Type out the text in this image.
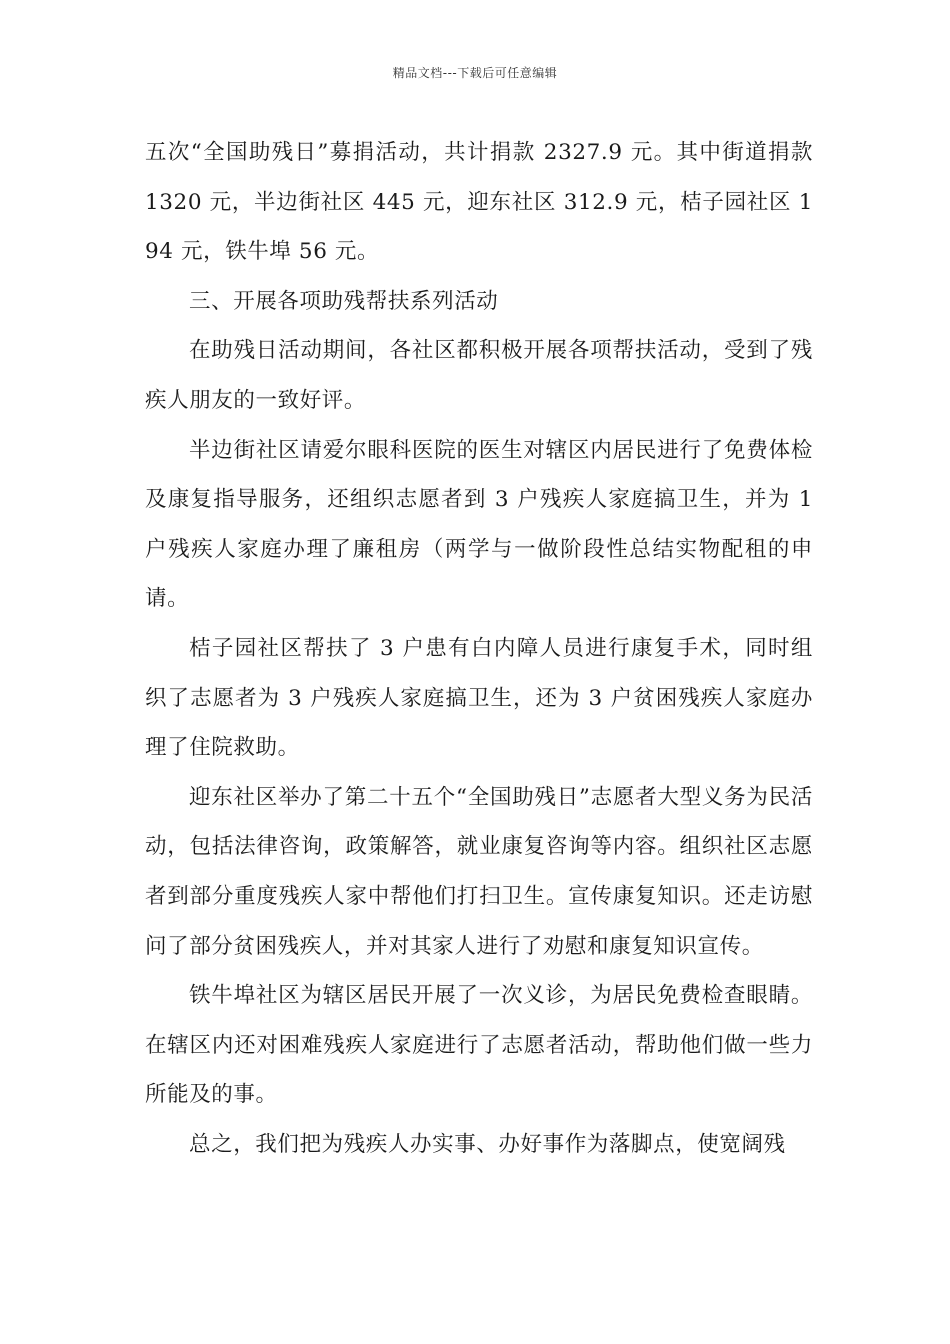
精品文档---下载后可任意编辑

五次“全国助残日”募捐活动，共计捐款 2327.9 元。其中街道捐款 1320 元，半边街社区 445 元，迎东社区 312.9 元，桔子园社区 194 元，铁牛埠 56 元。

三、开展各项助残帮扶系列活动

在助残日活动期间，各社区都积极开展各项帮扶活动，受到了残疾人朋友的一致好评。

半边街社区请爱尔眼科医院的医生对辖区内居民进行了免费体检及康复指导服务，还组织志愿者到 3 户残疾人家庭搞卫生，并为 1 户残疾人家庭办理了廉租房（两学与一做阶段性总结实物配租的申请。

桔子园社区帮扶了 3 户患有白内障人员进行康复手术，同时组织了志愿者为 3 户残疾人家庭搞卫生，还为 3 户贫困残疾人家庭办理了住院救助。

迎东社区举办了第二十五个“全国助残日”志愿者大型义务为民活动，包括法律咨询，政策解答，就业康复咨询等内容。组织社区志愿者到部分重度残疾人家中帮他们打扫卫生。宣传康复知识。还走访慰问了部分贫困残疾人，并对其家人进行了劝慰和康复知识宣传。

铁牛埠社区为辖区居民开展了一次义诊，为居民免费检查眼睛。在辖区内还对困难残疾人家庭进行了志愿者活动，帮助他们做一些力所能及的事。

总之，我们把为残疾人办实事、办好事作为落脚点，使宽阔残
